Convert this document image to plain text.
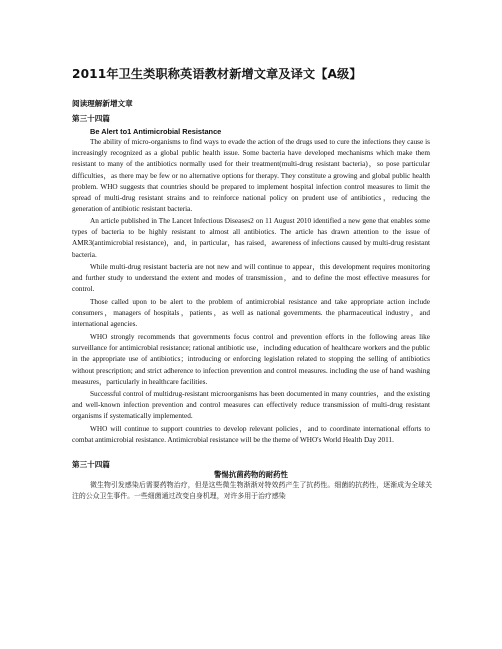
2011年卫生类职称英语教材新增文章及译文【A级】
阅读理解新增文章
第三十四篇
Be Alert to1 Antimicrobial Resistance

The ability of micro-organisms to find ways to evade the action of the drugs used to cure the infections they cause is increasingly recognized as a global public health issue. Some bacteria have developed mechanisms which make them resistant to many of the antibiotics normally used for their treatment(multi-drug resistant bacteria)，so pose particular difficulties，as there may be few or no alternative options for therapy. They constitute a growing and global public health problem. WHO suggests that countries should be prepared to implement hospital infection control measures to limit the spread of multi-drug resistant strains and to reinforce national policy on prudent use of antibiotics，reducing the generation of antibiotic resistant bacteria.

An article published in The Lancet Infectious Diseases2 on 11 August 2010 identified a new gene that enables some types of bacteria to be highly resistant to almost all antibiotics. The article has drawn attention to the issue of AMR3(antimicrobial resistance)，and，in particular，has raised，awareness of infections caused by multi-drug resistant bacteria.

While multi-drug resistant bacteria are not new and will continue to appear，this development requires monitoring and further study to understand the extent and modes of transmission，and to define the most effective measures for control.

Those called upon to be alert to the problem of antimicrobial resistance and take appropriate action include consumers，managers of hospitals，patients，as well as national governments. the pharmaceutical industry，and international agencies.

WHO strongly recommends that governments focus control and prevention efforts in the following areas like surveillance for antimicrobial resistance; rational antibiotic use，including education of healthcare workers and the public in the appropriate use of antibiotics；introducing or enforcing legislation related to stopping the selling of antibiotics without prescription; and strict adherence to infection prevention and control measures. including the use of hand washing measures，particularly in healthcare facilities.

Successful control of multidrug-resistant microorganisms has been documented in many countries，and the existing and well-known infection prevention and control measures can effectively reduce transmission of multi-drug resistant organisms if systematically implemented.

WHO will continue to support countries to develop relevant policies，and to coordinate international efforts to combat antimicrobial resistance. Antimicrobial resistance will be the theme of WHO's World Health Day 2011.

第三十四篇
警惕抗菌药物的耐药性

微生物引发感染后需要药物治疗，但是这些微生物渐渐对特效药产生了抗药性。细菌的抗药性，逐渐成为全球关注的公众卫生事件。一些细菌通过改变自身机理，对许多用于治疗感染
